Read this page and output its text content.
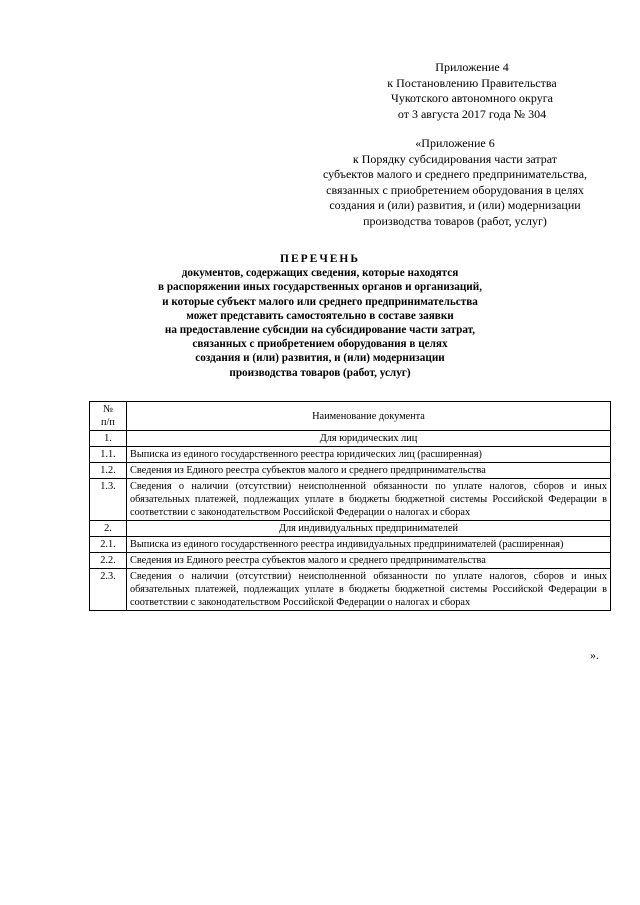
Приложение 4
к Постановлению Правительства
Чукотского автономного округа
от 3 августа 2017 года № 304
«Приложение 6
к Порядку субсидирования части затрат
субъектов малого и среднего предпринимательства,
связанных с приобретением оборудования в целях
создания и (или) развития, и (или) модернизации
производства товаров (работ, услуг)
ПЕРЕЧЕНЬ
документов, содержащих сведения, которые находятся
в распоряжении иных государственных органов и организаций,
и которые субъект малого или среднего предпринимательства
может представить самостоятельно в составе заявки
на предоставление субсидии на субсидирование части затрат,
связанных с приобретением оборудования в целях
создания и (или) развития, и (или) модернизации
производства товаров (работ, услуг)
№
п/п	Наименование документа
1.	Для юридических лиц
1.1.	Выписка из единого государственного реестра юридических лиц (расширенная)
1.2.	Сведения из Единого реестра субъектов малого и среднего предпринимательства
1.3.	Сведения о наличии (отсутствии) неисполненной обязанности по уплате налогов, сборов и иных обязательных платежей, подлежащих уплате в бюджеты бюджетной системы Российской Федерации в соответствии с законодательством Российской Федерации о налогах и сборах
2.	Для индивидуальных предпринимателей
2.1.	Выписка из единого государственного реестра индивидуальных предпринимателей (расширенная)
2.2.	Сведения из Единого реестра субъектов малого и среднего предпринимательства
2.3.	Сведения о наличии (отсутствии) неисполненной обязанности по уплате налогов, сборов и иных обязательных платежей, подлежащих уплате в бюджеты бюджетной системы Российской Федерации в соответствии с законодательством Российской Федерации о налогах и сборах
».
